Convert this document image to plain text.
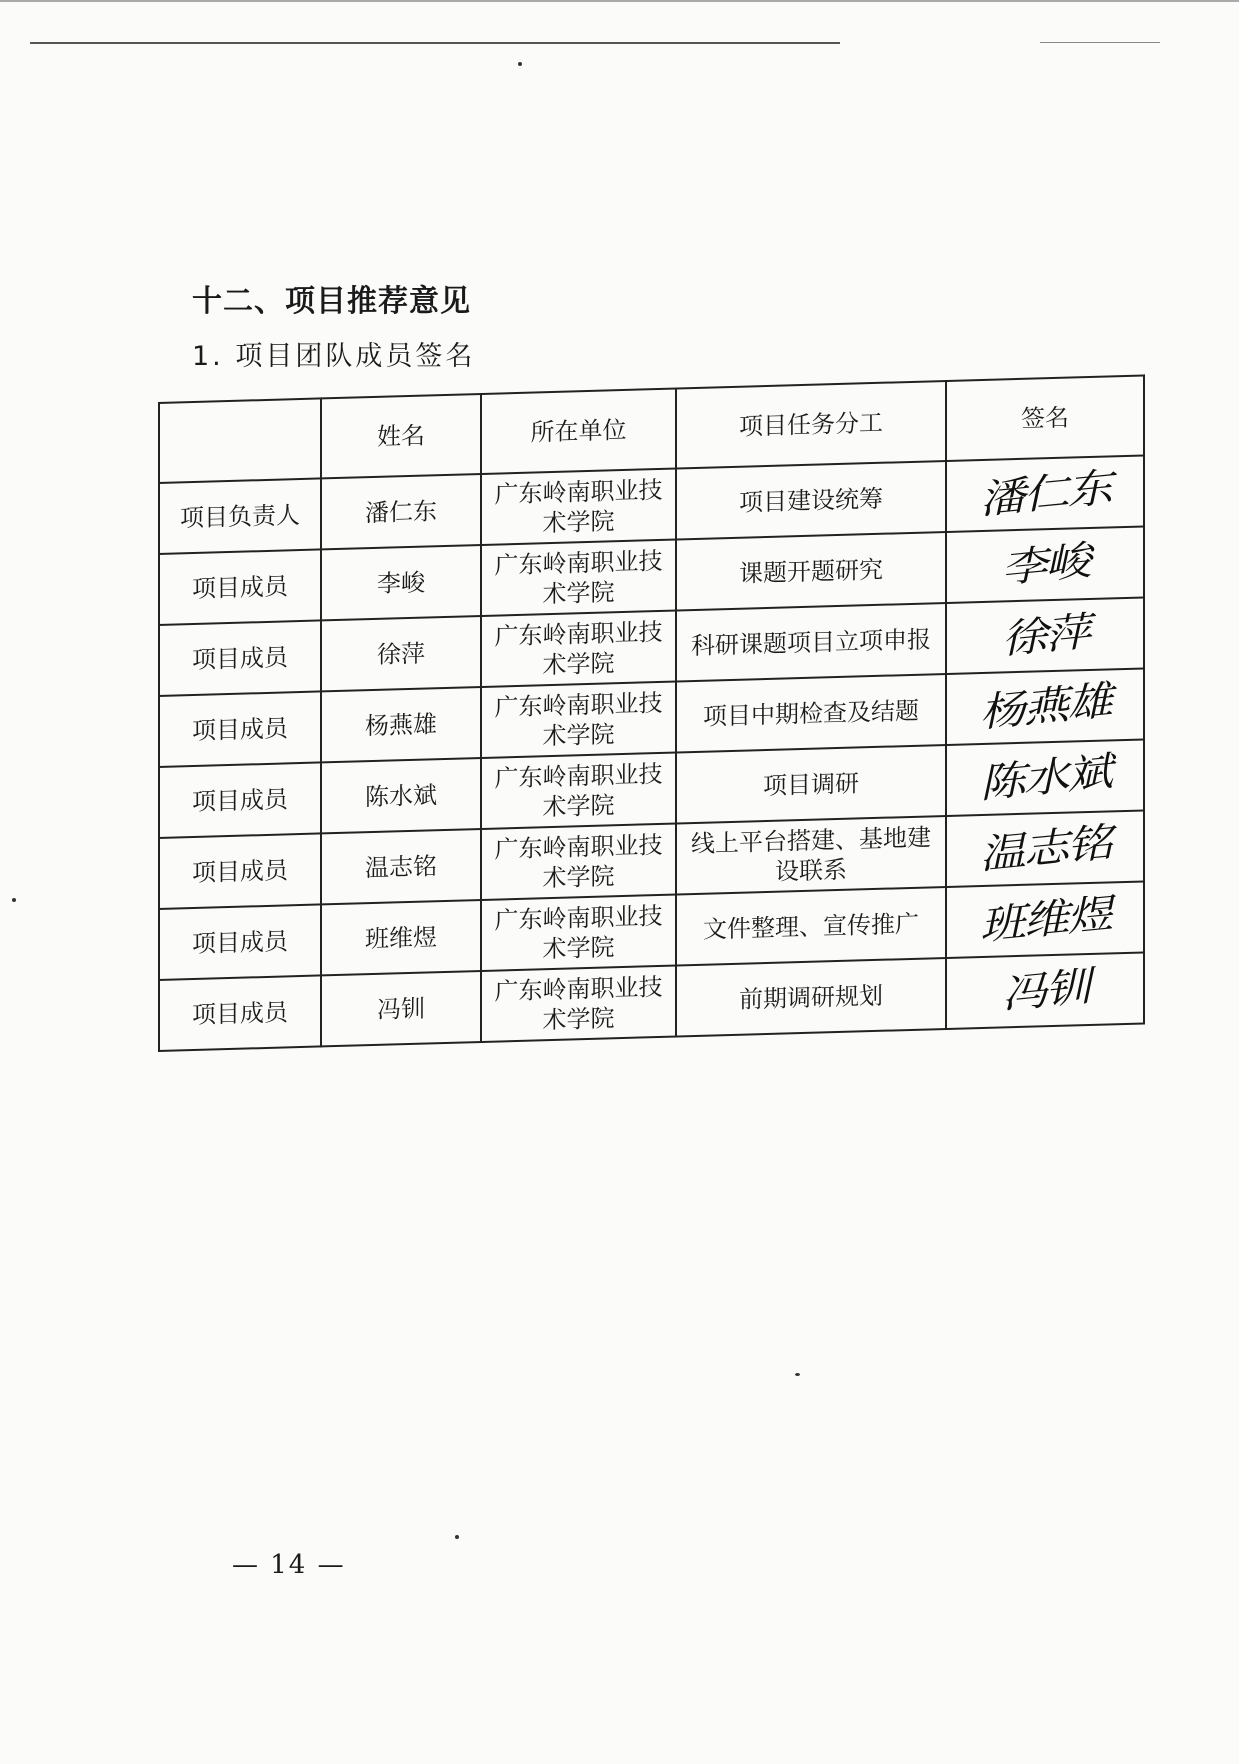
十二、项目推荐意见
1. 项目团队成员签名
	姓名	所在单位	项目任务分工	签名
项目负责人	潘仁东	广东岭南职业技术学院	项目建设统筹	潘仁东
项目成员	李峻	广东岭南职业技术学院	课题开题研究	李峻
项目成员	徐萍	广东岭南职业技术学院	科研课题项目立项申报	徐萍
项目成员	杨燕雄	广东岭南职业技术学院	项目中期检查及结题	杨燕雄
项目成员	陈水斌	广东岭南职业技术学院	项目调研	陈水斌
项目成员	温志铭	广东岭南职业技术学院	线上平台搭建、基地建设联系	温志铭
项目成员	班维煜	广东岭南职业技术学院	文件整理、宣传推广	班维煜
项目成员	冯钏	广东岭南职业技术学院	前期调研规划	冯钏
— 14 —
